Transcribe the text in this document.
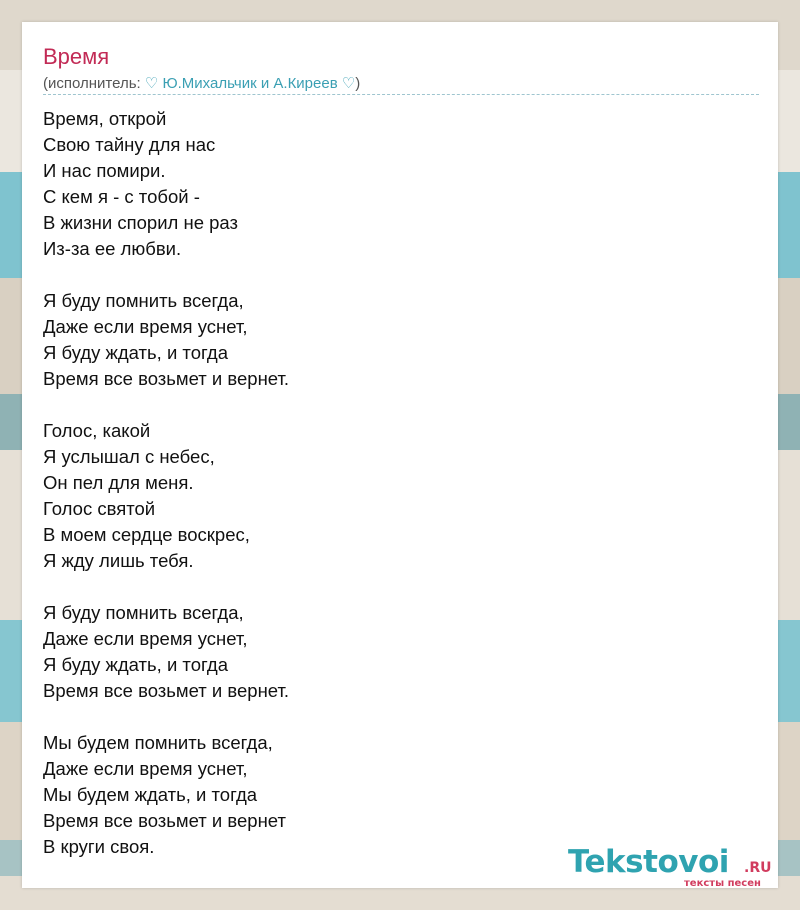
Время
(исполнитель: ♡ Ю.Михальчик и А.Киреев ♡)

Время, открой
Свою тайну для нас
И нас помири.
С кем я - с тобой -
В жизни спорил не раз
Из-за ее любви.

Я буду помнить всегда,
Даже если время уснет,
Я буду ждать, и тогда
Время все возьмет и вернет.

Голос, какой
Я услышал с небес,
Он пел для меня.
Голос святой
В моем сердце воскрес,
Я жду лишь тебя.

Я буду помнить всегда,
Даже если время уснет,
Я буду ждать, и тогда
Время все возьмет и вернет.

Мы будем помнить всегда,
Даже если время уснет,
Мы будем ждать, и тогда
Время все возьмет и вернет
В круги своя.	Tekstovoi .RU
тексты песен
